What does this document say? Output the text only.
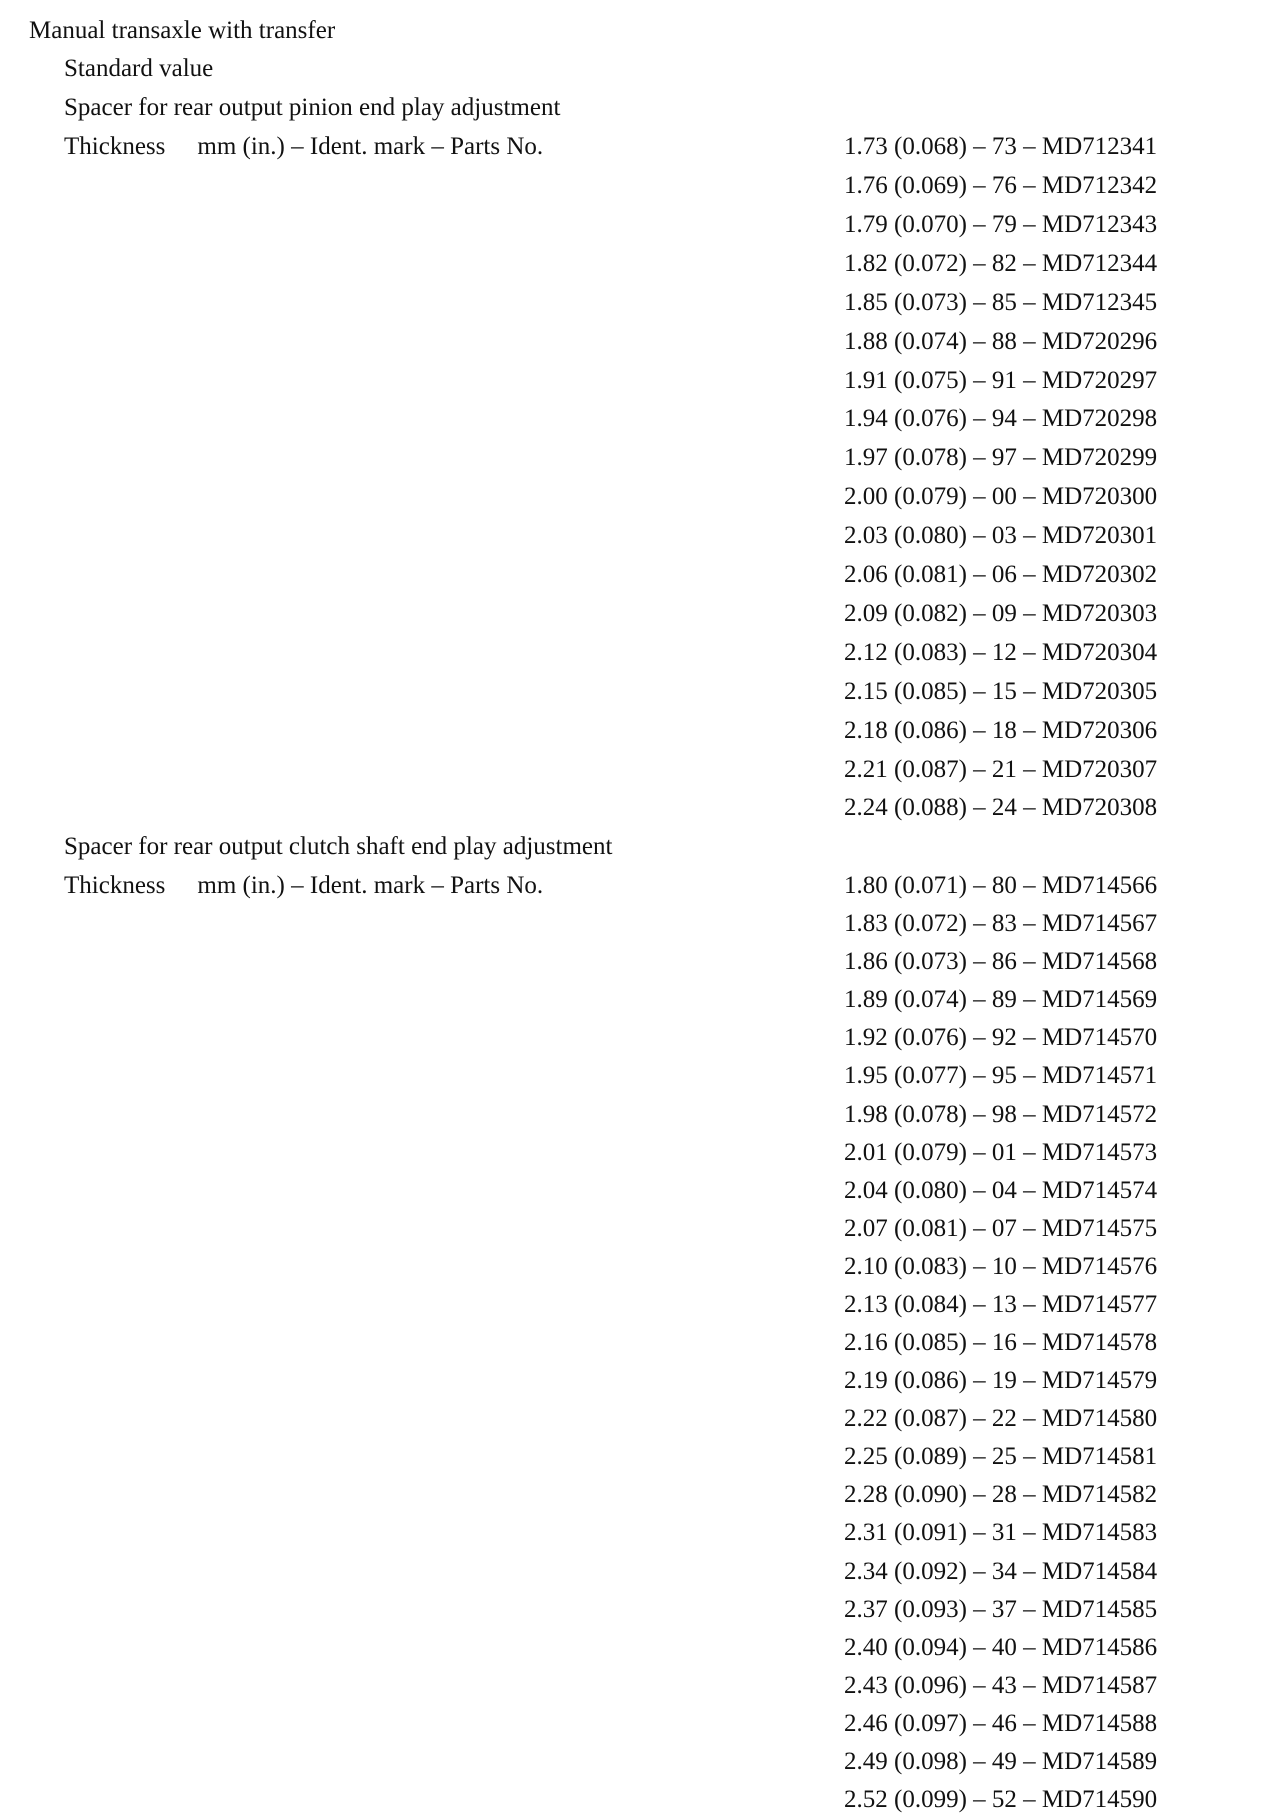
Manual transaxle with transfer
Standard value
Spacer for rear output pinion end play adjustment
Thickness mm (in.) – Ident. mark – Parts No.	1.73 (0.068) – 73 – MD712341
1.76 (0.069) – 76 – MD712342
1.79 (0.070) – 79 – MD712343
1.82 (0.072) – 82 – MD712344
1.85 (0.073) – 85 – MD712345
1.88 (0.074) – 88 – MD720296
1.91 (0.075) – 91 – MD720297
1.94 (0.076) – 94 – MD720298
1.97 (0.078) – 97 – MD720299
2.00 (0.079) – 00 – MD720300
2.03 (0.080) – 03 – MD720301
2.06 (0.081) – 06 – MD720302
2.09 (0.082) – 09 – MD720303
2.12 (0.083) – 12 – MD720304
2.15 (0.085) – 15 – MD720305
2.18 (0.086) – 18 – MD720306
2.21 (0.087) – 21 – MD720307
2.24 (0.088) – 24 – MD720308
Spacer for rear output clutch shaft end play adjustment
Thickness mm (in.) – Ident. mark – Parts No.	1.80 (0.071) – 80 – MD714566
1.83 (0.072) – 83 – MD714567
1.86 (0.073) – 86 – MD714568
1.89 (0.074) – 89 – MD714569
1.92 (0.076) – 92 – MD714570
1.95 (0.077) – 95 – MD714571
1.98 (0.078) – 98 – MD714572
2.01 (0.079) – 01 – MD714573
2.04 (0.080) – 04 – MD714574
2.07 (0.081) – 07 – MD714575
2.10 (0.083) – 10 – MD714576
2.13 (0.084) – 13 – MD714577
2.16 (0.085) – 16 – MD714578
2.19 (0.086) – 19 – MD714579
2.22 (0.087) – 22 – MD714580
2.25 (0.089) – 25 – MD714581
2.28 (0.090) – 28 – MD714582
2.31 (0.091) – 31 – MD714583
2.34 (0.092) – 34 – MD714584
2.37 (0.093) – 37 – MD714585
2.40 (0.094) – 40 – MD714586
2.43 (0.096) – 43 – MD714587
2.46 (0.097) – 46 – MD714588
2.49 (0.098) – 49 – MD714589
2.52 (0.099) – 52 – MD714590
